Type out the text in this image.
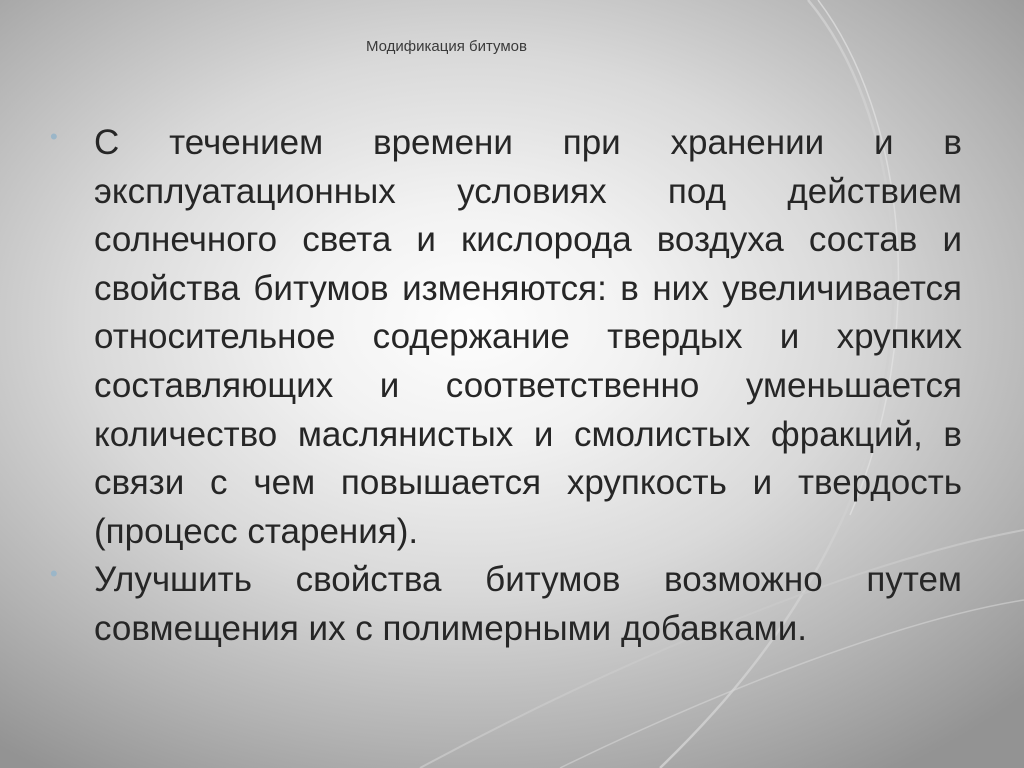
Модификация битумов
• С течением времени при хранении и в эксплуатационных условиях под действием солнечного света и кислорода воздуха состав и свойства битумов изменяются: в них увеличивается относительное содержание твердых и хрупких составляющих и соответственно уменьшается количество маслянистых и смолистых фракций, в связи с чем повышается хрупкость и твердость (процесс старения).
• Улучшить свойства битумов возможно путем совмещения их с полимерными добавками.
